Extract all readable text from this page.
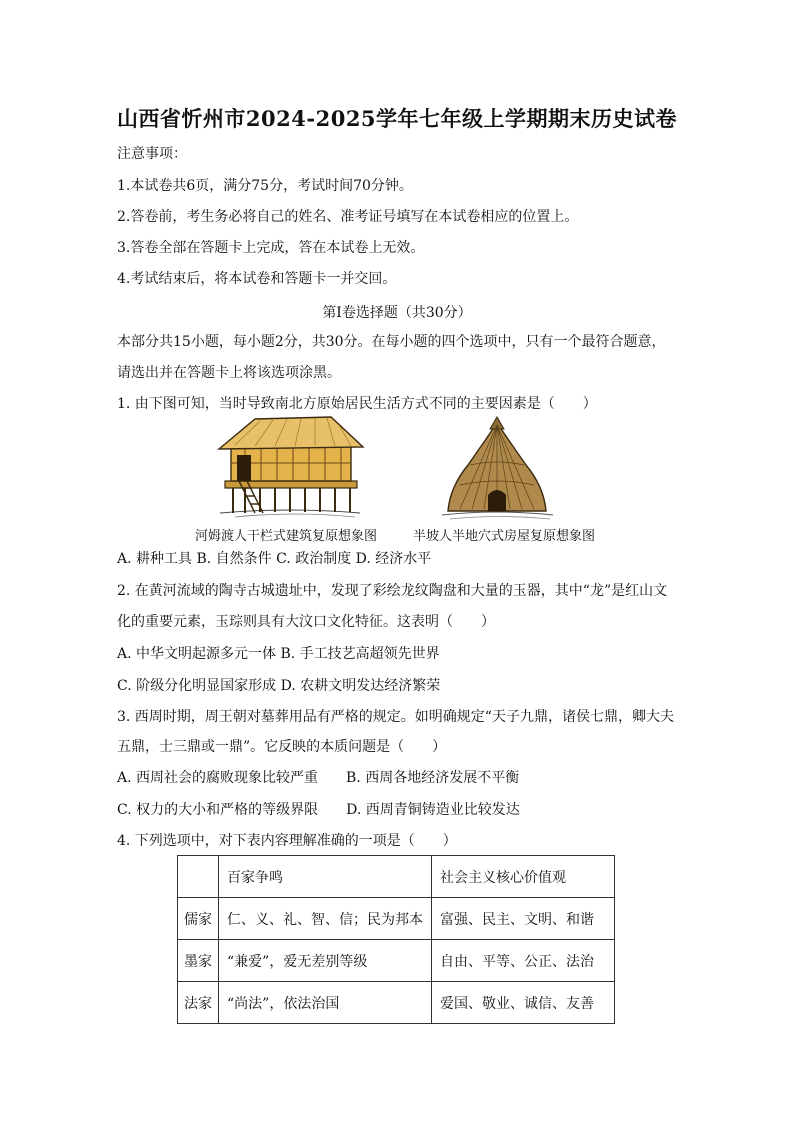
山西省忻州市2024-2025学年七年级上学期期末历史试卷
注意事项：
1.本试卷共6页，满分75分，考试时间70分钟。
2.答卷前，考生务必将自己的姓名、准考证号填写在本试卷相应的位置上。
3.答卷全部在答题卡上完成，答在本试卷上无效。
4.考试结束后，将本试卷和答题卡一并交回。
第Ⅰ卷选择题（共30分）
本部分共15小题，每小题2分，共30分。在每小题的四个选项中，只有一个最符合题意，
请选出并在答题卡上将该选项涂黑。
1. 由下图可知，当时导致南北方原始居民生活方式不同的主要因素是（　　）
河姆渡人干栏式建筑复原想象图	半坡人半地穴式房屋复原想象图
A. 耕种工具 B. 自然条件 C. 政治制度 D. 经济水平
2. 在黄河流域的陶寺古城遗址中，发现了彩绘龙纹陶盘和大量的玉器，其中“龙”是红山文
化的重要元素，玉琮则具有大汶口文化特征。这表明（　　）
A. 中华文明起源多元一体 B. 手工技艺高超领先世界
C. 阶级分化明显国家形成 D. 农耕文明发达经济繁荣
3. 西周时期，周王朝对墓葬用品有严格的规定。如明确规定“天子九鼎，诸侯七鼎，卿大夫
五鼎，士三鼎或一鼎”。它反映的本质问题是（　　）
A. 西周社会的腐败现象比较严重　　B. 西周各地经济发展不平衡
C. 权力的大小和严格的等级界限　　D. 西周青铜铸造业比较发达
4. 下列选项中，对下表内容理解准确的一项是（　　）
	百家争鸣	社会主义核心价值观
儒家	仁、义、礼、智、信；民为邦本	富强、民主、文明、和谐
墨家	“兼爱”，爱无差别等级	自由、平等、公正、法治
法家	“尚法”，依法治国	爱国、敬业、诚信、友善
